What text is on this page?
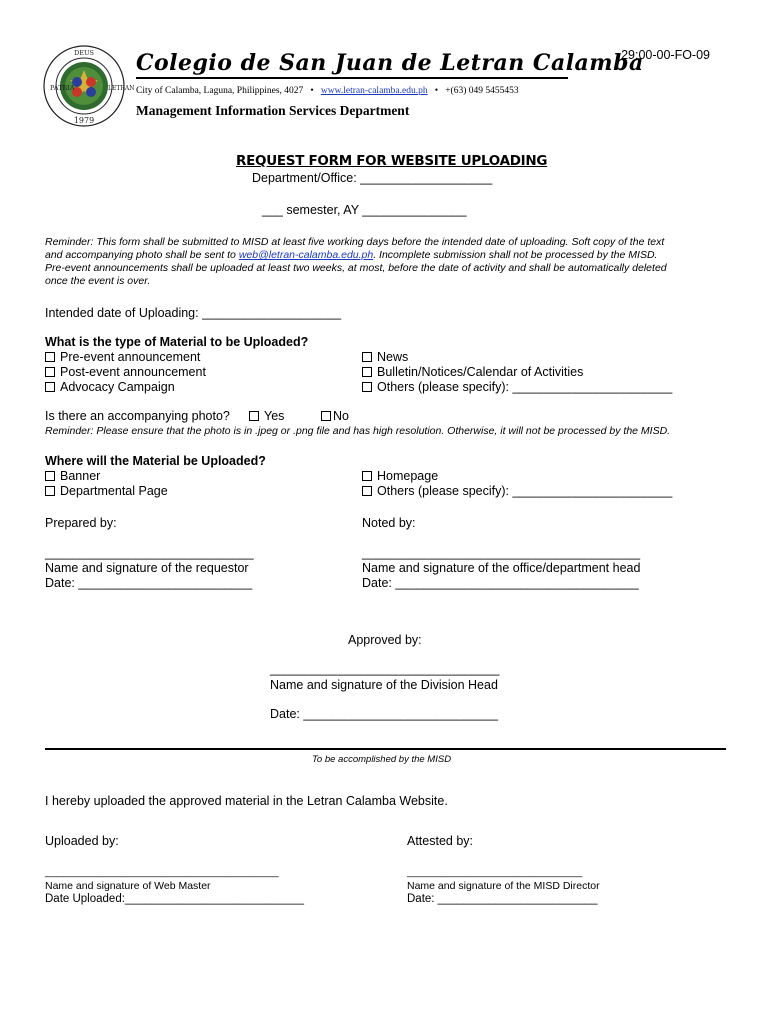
1979
DEUS
PATRIA	LETRAN
Colegio de San Juan de Letran Calamba
29:00-00-FO-09
City of Calamba, Laguna, Philippines, 4027 • www.letran-calamba.edu.ph • +(63) 049 5455453
Management Information Services Department
REQUEST FORM FOR WEBSITE UPLOADING
Department/Office: ___________________
___ semester, AY _______________
Reminder: This form shall be submitted to MISD at least five working days before the intended date of uploading. Soft copy of the text
and accompanying photo shall be sent to web@letran-calamba.edu.ph. Incomplete submission shall not be processed by the MISD.
Pre-event announcements shall be uploaded at least two weeks, at most, before the date of activity and shall be automatically deleted
once the event is over.
Intended date of Uploading: ____________________
What is the type of Material to be Uploaded?
Pre-event announcement
Post-event announcement
Advocacy Campaign
News
Bulletin/Notices/Calendar of Activities
Others (please specify): _______________________
Is there an accompanying photo?	Yes	No
Reminder: Please ensure that the photo is in .jpeg or .png file and has high resolution. Otherwise, it will not be processed by the MISD.
Where will the Material be Uploaded?
Banner
Departmental Page
Homepage
Others (please specify): _______________________
Prepared by:	Noted by:
______________________________	________________________________________
Name and signature of the requestor	Name and signature of the office/department head
Date: _________________________	Date: ___________________________________
Approved by:
_________________________________
Name and signature of the Division Head
Date: ____________________________
To be accomplished by the MISD
I hereby uploaded the approved material in the Letran Calamba Website.
Uploaded by:	Attested by:
________________________________________	______________________________
Name and signature of Web Master	Name and signature of the MISD Director
Date Uploaded:____________________________	Date: _________________________
